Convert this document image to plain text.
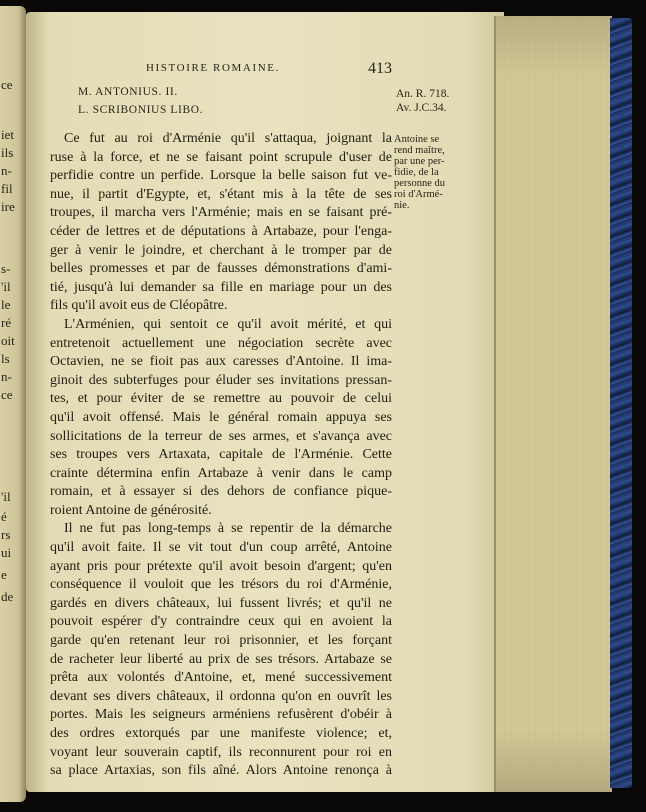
ce
iet
ils
n-
fil
ire
s-
'il
le
ré
oit
ls
n-
ce
'il
é
rs
ui
e
de
HISTOIRE ROMAINE.	413
M. ANTONIUS. II.
L. SCRIBONIUS LIBO.
An. R. 718.
Av. J.C.34.
Antoine se
rend maître,
par une per-
fidie, de la
personne du
roi d'Armé-
nie.
Ce fut au roi d'Arménie qu'il s'attaqua, joignant la
ruse à la force, et ne se faisant point scrupule d'user de
perfidie contre un perfide. Lorsque la belle saison fut ve-
nue, il partit d'Egypte, et, s'étant mis à la tête de ses
troupes, il marcha vers l'Arménie; mais en se faisant pré-
céder de lettres et de députations à Artabaze, pour l'enga-
ger à venir le joindre, et cherchant à le tromper par de
belles promesses et par de fausses démonstrations d'ami-
tié, jusqu'à lui demander sa fille en mariage pour un des
fils qu'il avoit eus de Cléopâtre.
L'Arménien, qui sentoit ce qu'il avoit mérité, et qui
entretenoit actuellement une négociation secrète avec
Octavien, ne se fioit pas aux caresses d'Antoine. Il ima-
ginoit des subterfuges pour éluder ses invitations pressan-
tes, et pour éviter de se remettre au pouvoir de celui
qu'il avoit offensé. Mais le général romain appuya ses
sollicitations de la terreur de ses armes, et s'avança avec
ses troupes vers Artaxata, capitale de l'Arménie. Cette
crainte détermina enfin Artabaze à venir dans le camp
romain, et à essayer si des dehors de confiance pique-
roient Antoine de générosité.
Il ne fut pas long-temps à se repentir de la démarche
qu'il avoit faite. Il se vit tout d'un coup arrêté, Antoine
ayant pris pour prétexte qu'il avoit besoin d'argent; qu'en
conséquence il vouloit que les trésors du roi d'Arménie,
gardés en divers châteaux, lui fussent livrés; et qu'il ne
pouvoit espérer d'y contraindre ceux qui en avoient la
garde qu'en retenant leur roi prisonnier, et les forçant
de racheter leur liberté au prix de ses trésors. Artabaze se
prêta aux volontés d'Antoine, et, mené successivement
devant ses divers châteaux, il ordonna qu'on en ouvrît les
portes. Mais les seigneurs arméniens refusèrent d'obéir à
des ordres extorqués par une manifeste violence; et,
voyant leur souverain captif, ils reconnurent pour roi en
sa place Artaxias, son fils aîné. Alors Antoine renonça à
